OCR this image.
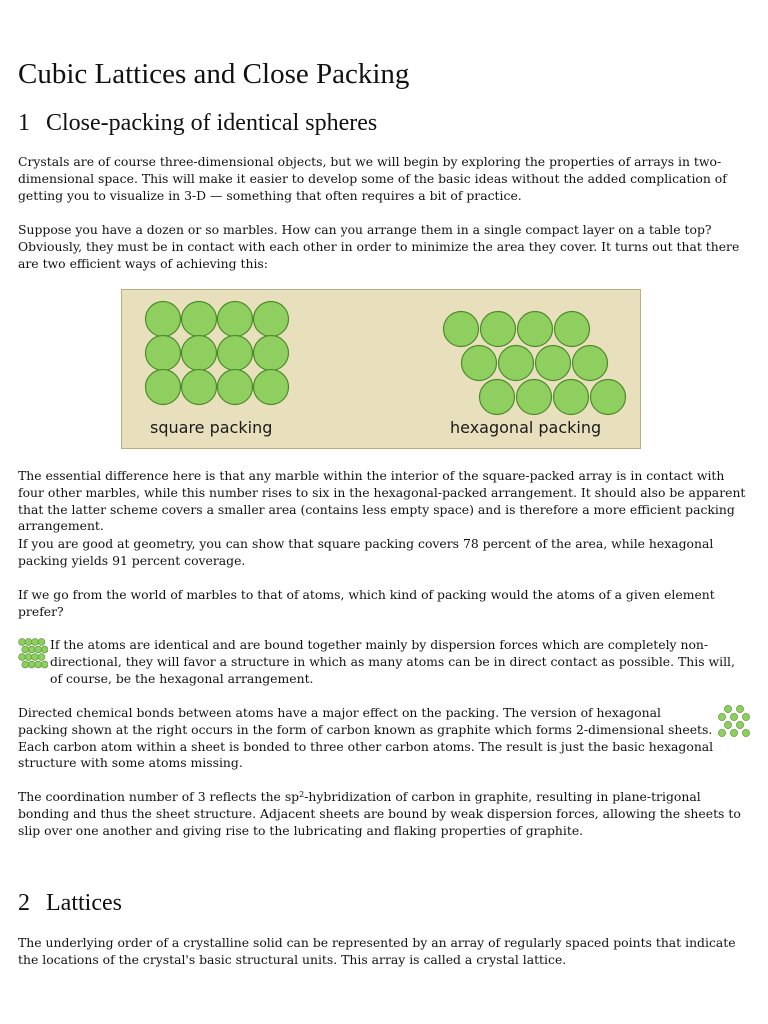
Cubic Lattices and Close Packing
1 Close-packing of identical spheres

Crystals are of course three-dimensional objects, but we will begin by exploring the properties of arrays in two-dimensional space. This will make it easier to develop some of the basic ideas without the added complication of getting you to visualize in 3-D — something that often requires a bit of practice.

Suppose you have a dozen or so marbles. How can you arrange them in a single compact layer on a table top? Obviously, they must be in contact with each other in order to minimize the area they cover. It turns out that there are two efficient ways of achieving this:

square packing	hexagonal packing

The essential difference here is that any marble within the interior of the square-packed array is in contact with four other marbles, while this number rises to six in the hexagonal-packed arrangement. It should also be apparent that the latter scheme covers a smaller area (contains less empty space) and is therefore a more efficient packing arrangement.

If you are good at geometry, you can show that square packing covers 78 percent of the area, while hexagonal packing yields 91 percent coverage.

If we go from the world of marbles to that of atoms, which kind of packing would the atoms of a given element prefer?

If the atoms are identical and are bound together mainly by dispersion forces which are completely non-directional, they will favor a structure in which as many atoms can be in direct contact as possible. This will, of course, be the hexagonal arrangement.

Directed chemical bonds between atoms have a major effect on the packing. The version of hexagonal packing shown at the right occurs in the form of carbon known as graphite which forms 2-dimensional sheets. Each carbon atom within a sheet is bonded to three other carbon atoms. The result is just the basic hexagonal structure with some atoms missing.

The coordination number of 3 reflects the $sp^2$-hybridization of carbon in graphite, resulting in plane-trigonal bonding and thus the sheet structure. Adjacent sheets are bound by weak dispersion forces, allowing the sheets to slip over one another and giving rise to the lubricating and flaking properties of graphite.

2 Lattices

The underlying order of a crystalline solid can be represented by an array of regularly spaced points that indicate the locations of the crystal's basic structural units. This array is called a crystal lattice.
